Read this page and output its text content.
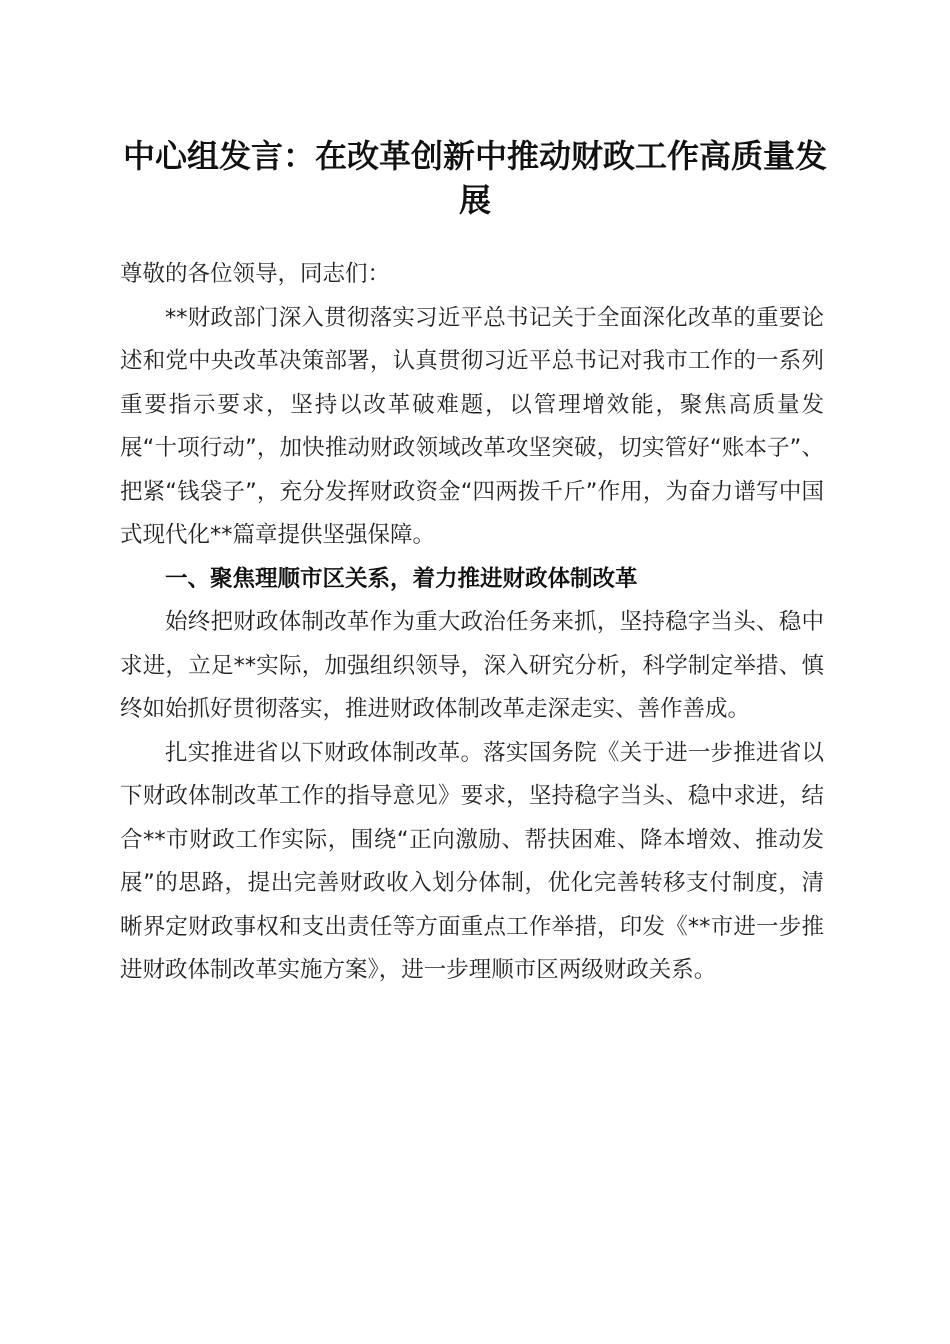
中心组发言：在改革创新中推动财政工作高质量发展

尊敬的各位领导，同志们：

**财政部门深入贯彻落实习近平总书记关于全面深化改革的重要论述和党中央改革决策部署，认真贯彻习近平总书记对我市工作的一系列重要指示要求，坚持以改革破难题，以管理增效能，聚焦高质量发展“十项行动”，加快推动财政领域改革攻坚突破，切实管好“账本子”、把紧“钱袋子”，充分发挥财政资金“四两拨千斤”作用，为奋力谱写中国式现代化**篇章提供坚强保障。

一、聚焦理顺市区关系，着力推进财政体制改革

始终把财政体制改革作为重大政治任务来抓，坚持稳字当头、稳中求进，立足**实际，加强组织领导，深入研究分析，科学制定举措、慎终如始抓好贯彻落实，推进财政体制改革走深走实、善作善成。

扎实推进省以下财政体制改革。落实国务院《关于进一步推进省以下财政体制改革工作的指导意见》要求，坚持稳字当头、稳中求进，结合**市财政工作实际，围绕“正向激励、帮扶困难、降本增效、推动发展”的思路，提出完善财政收入划分体制，优化完善转移支付制度，清晰界定财政事权和支出责任等方面重点工作举措，印发《**市进一步推进财政体制改革实施方案》，进一步理顺市区两级财政关系。
